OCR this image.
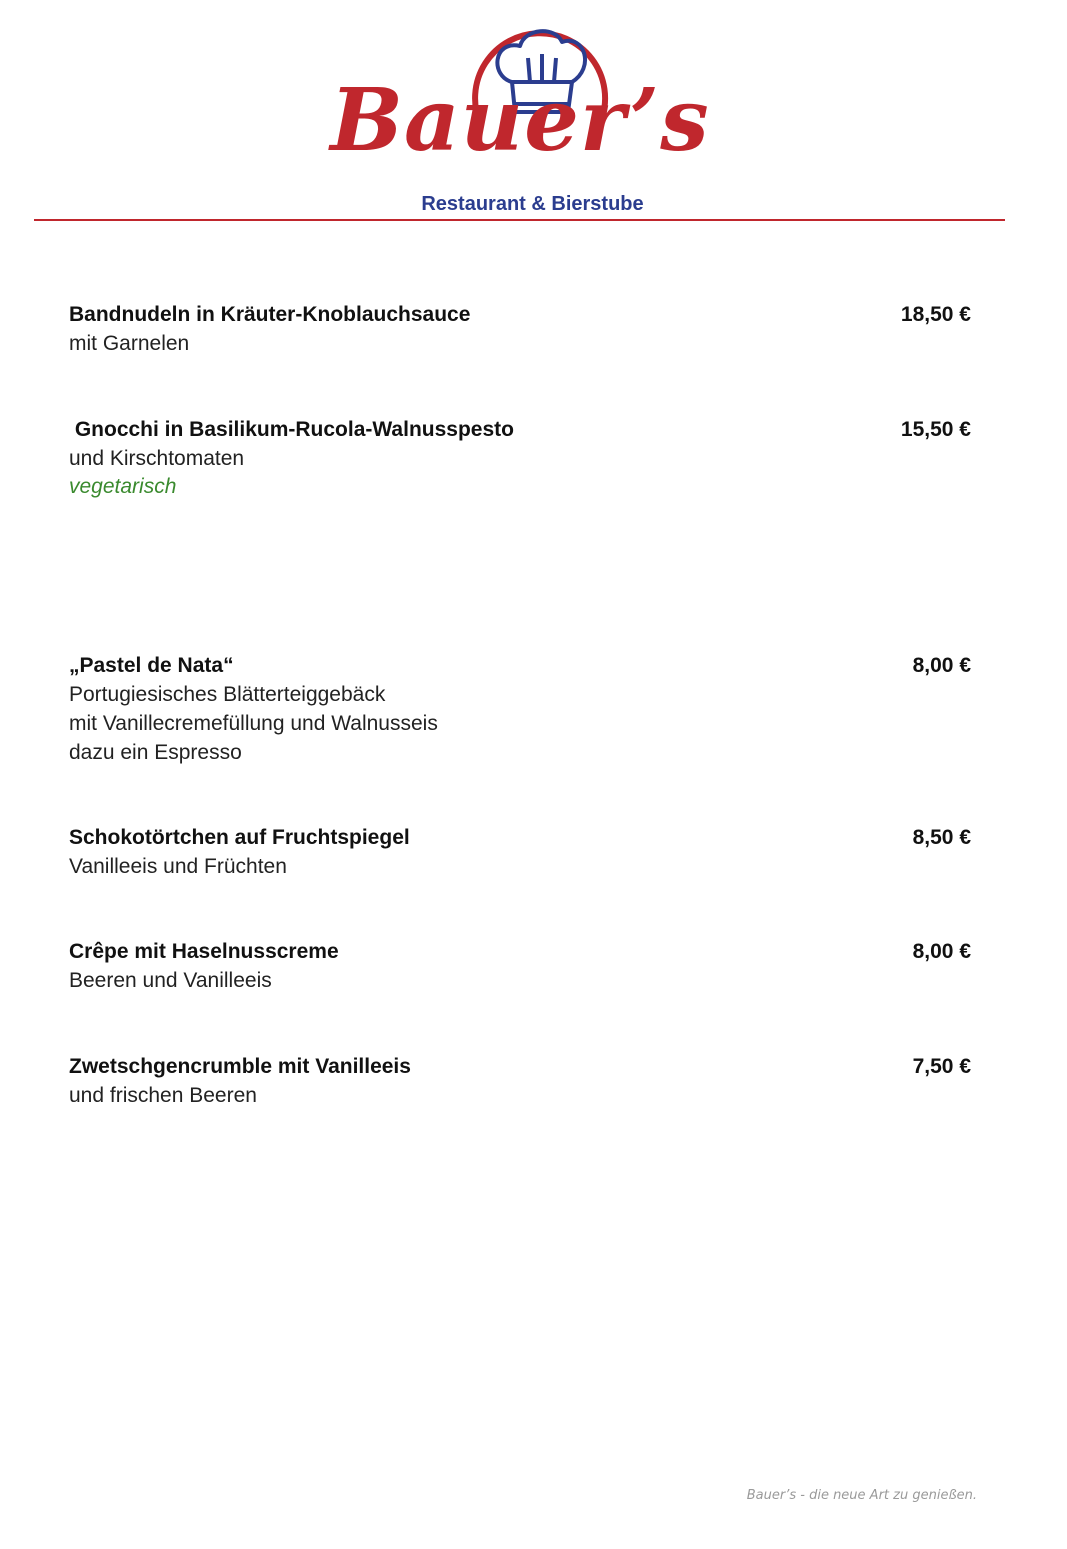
Bauer’s
Restaurant & Bierstube

Bandnudeln in Kräuter-Knoblauchsauce

mit Garnelen

18,50 €

Gnocchi in Basilikum-Rucola-Walnusspesto

und Kirschtomaten

vegetarisch

15,50 €

„Pastel de Nata“

Portugiesisches Blätterteiggebäck

mit Vanillecremefüllung und Walnusseis

dazu ein Espresso

8,00 €

Schokotörtchen auf Fruchtspiegel

Vanilleeis und Früchten

8,50 €

Crêpe mit Haselnusscreme

Beeren und Vanilleeis

8,00 €

Zwetschgencrumble mit Vanilleeis

und frischen Beeren

7,50 €
Bauer’s - die neue Art zu genießen.
